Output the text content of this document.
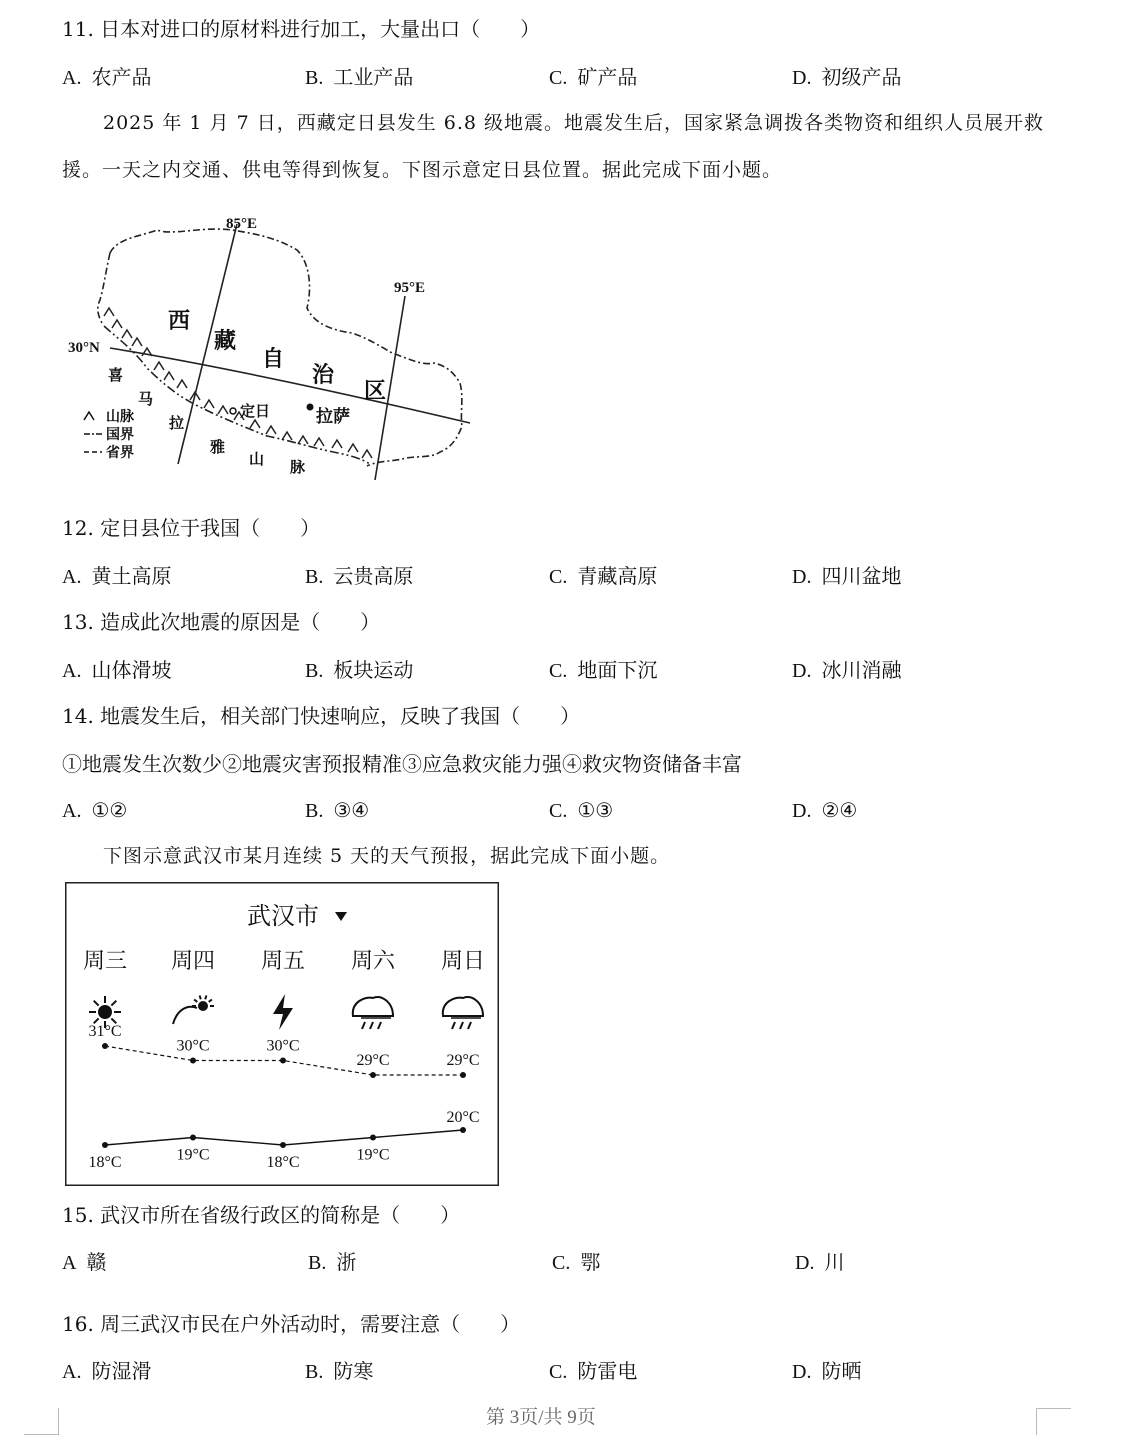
11. 日本对进口的原材料进行加工，大量出口（　　）
A. 农产品	B. 工业产品	C. 矿产品	D. 初级产品
2025 年 1 月 7 日，西藏定日县发生 6.8 级地震。地震发生后，国家紧急调拨各类物资和组织人员展开救
援。一天之内交通、供电等得到恢复。下图示意定日县位置。据此完成下面小题。
85°E
95°E
30°N
西
藏
自
治
区
喜
马
拉
雅
山 脉
定日	拉萨
山脉
国界
省界
12. 定日县位于我国（　　）
A. 黄土高原	B. 云贵高原	C. 青藏高原	D. 四川盆地
13. 造成此次地震的原因是（　　）
A. 山体滑坡	B. 板块运动	C. 地面下沉	D. 冰川消融
14. 地震发生后，相关部门快速响应，反映了我国（　　）
①地震发生次数少②地震灾害预报精准③应急救灾能力强④救灾物资储备丰富
A. ①②	B. ③④	C. ①③	D. ②④
下图示意武汉市某月连续 5 天的天气预报，据此完成下面小题。
武汉市
周三 周四 周五 周六 周日
31°C
30°C	30°C
29°C	29°C
18°C	19°C	18°C	19°C
20°C
15. 武汉市所在省级行政区的简称是（　　）
A 赣	B. 浙	C. 鄂	D. 川
16. 周三武汉市民在户外活动时，需要注意（　　）
A. 防湿滑	B. 防寒	C. 防雷电	D. 防晒
第 3页/共 9页
